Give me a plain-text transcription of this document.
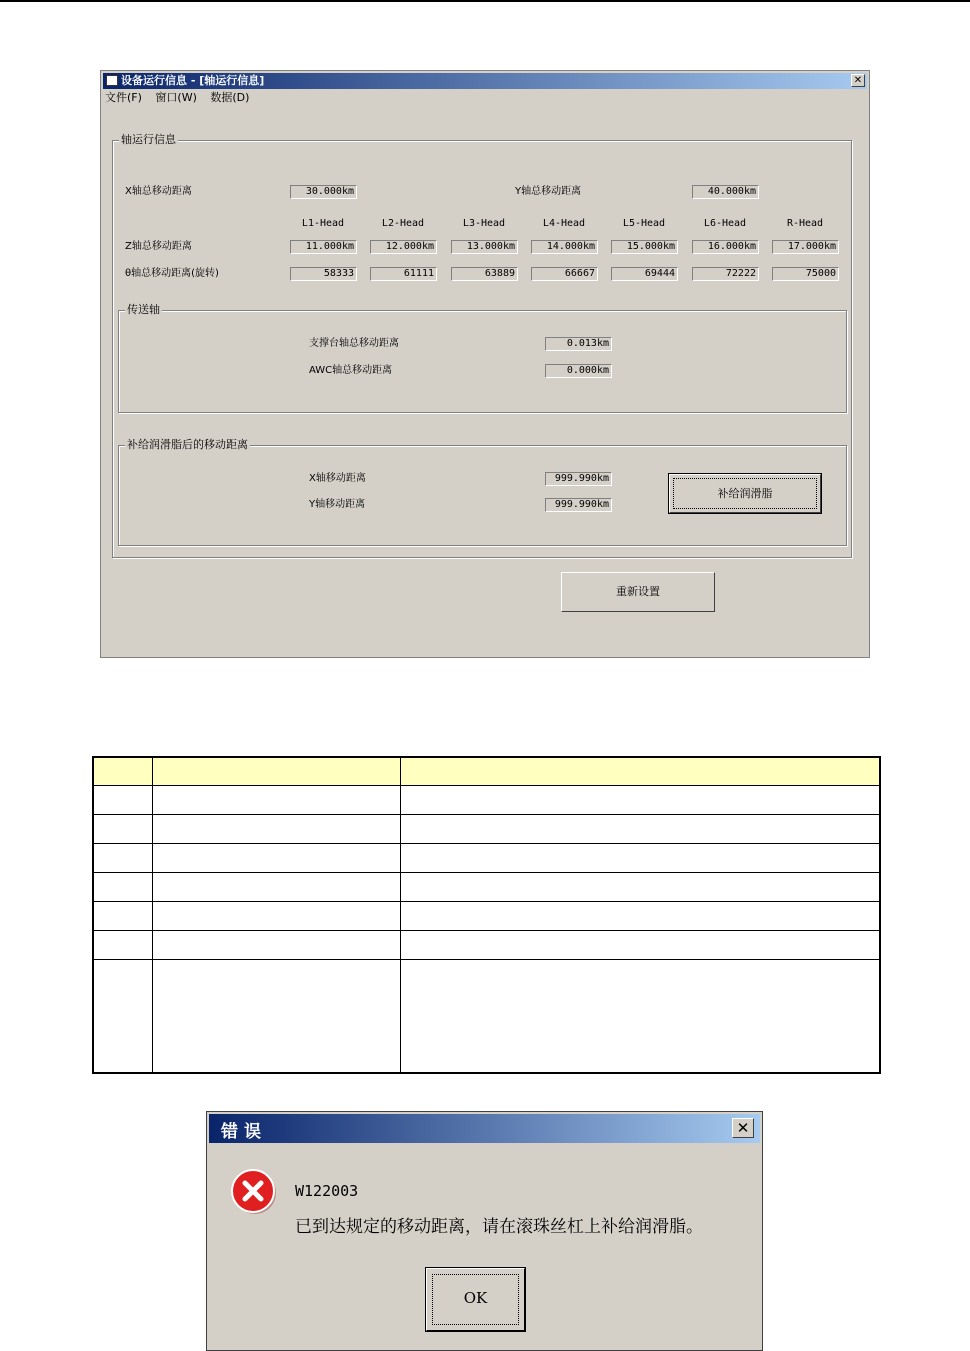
设备运行信息 - [轴运行信息]	✕
文件(F) 窗口(W) 数据(D)
轴运行信息
X轴总移动距离	30.000km	Y轴总移动距离	40.000km
L1-Head	L2-Head	L3-Head	L4-Head	L5-Head	L6-Head	R-Head
Z轴总移动距离	11.000km	12.000km	13.000km	14.000km	15.000km	16.000km	17.000km
θ轴总移动距离(旋转)	58333	61111	63889	66667	69444	72222	75000
传送轴
支撑台轴总移动距离	0.013km
AWC轴总移动距离	0.000km
补给润滑脂后的移动距离
X轴移动距离	999.990km
Y轴移动距离	999.990km
补给润滑脂
重新设置

错误	✕
W122003
已到达规定的移动距离，请在滚珠丝杠上补给润滑脂。
OK
